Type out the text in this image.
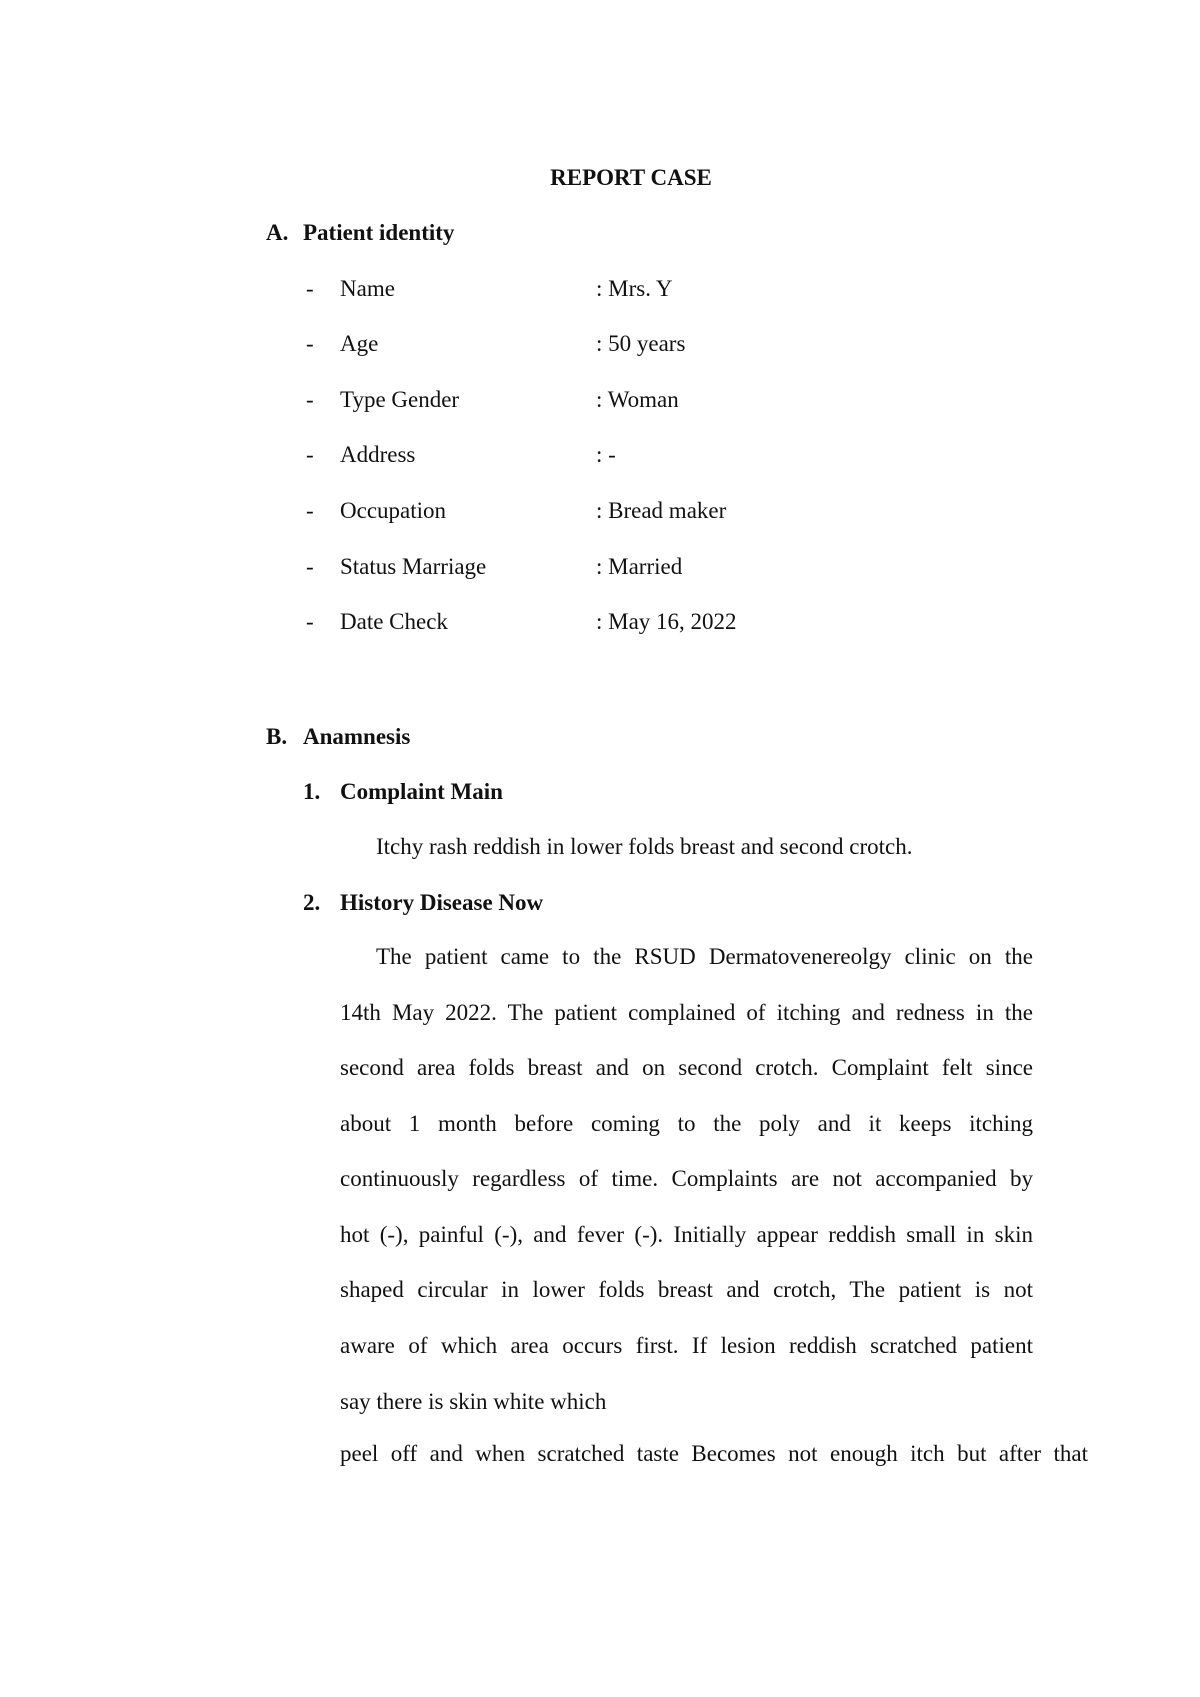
REPORT CASE
A. Patient identity
- Name	: Mrs. Y
- Age	: 50 years
- Type Gender	: Woman
- Address	: -
- Occupation	: Bread maker
- Status Marriage	: Married
- Date Check	: May 16, 2022
B. Anamnesis
1. Complaint Main
Itchy rash reddish in lower folds breast and second crotch.
2. History Disease Now
The patient came to the RSUD Dermatovenereolgy clinic on the
14th May 2022. The patient complained of itching and redness in the
second area folds breast and on second crotch. Complaint felt since
about 1 month before coming to the poly and it keeps itching
continuously regardless of time. Complaints are not accompanied by
hot (-), painful (-), and fever (-). Initially appear reddish small in skin
shaped circular in lower folds breast and crotch, The patient is not
aware of which area occurs first. If lesion reddish scratched patient
say there is skin white which
peel off and when scratched taste Becomes not enough itch but after that
